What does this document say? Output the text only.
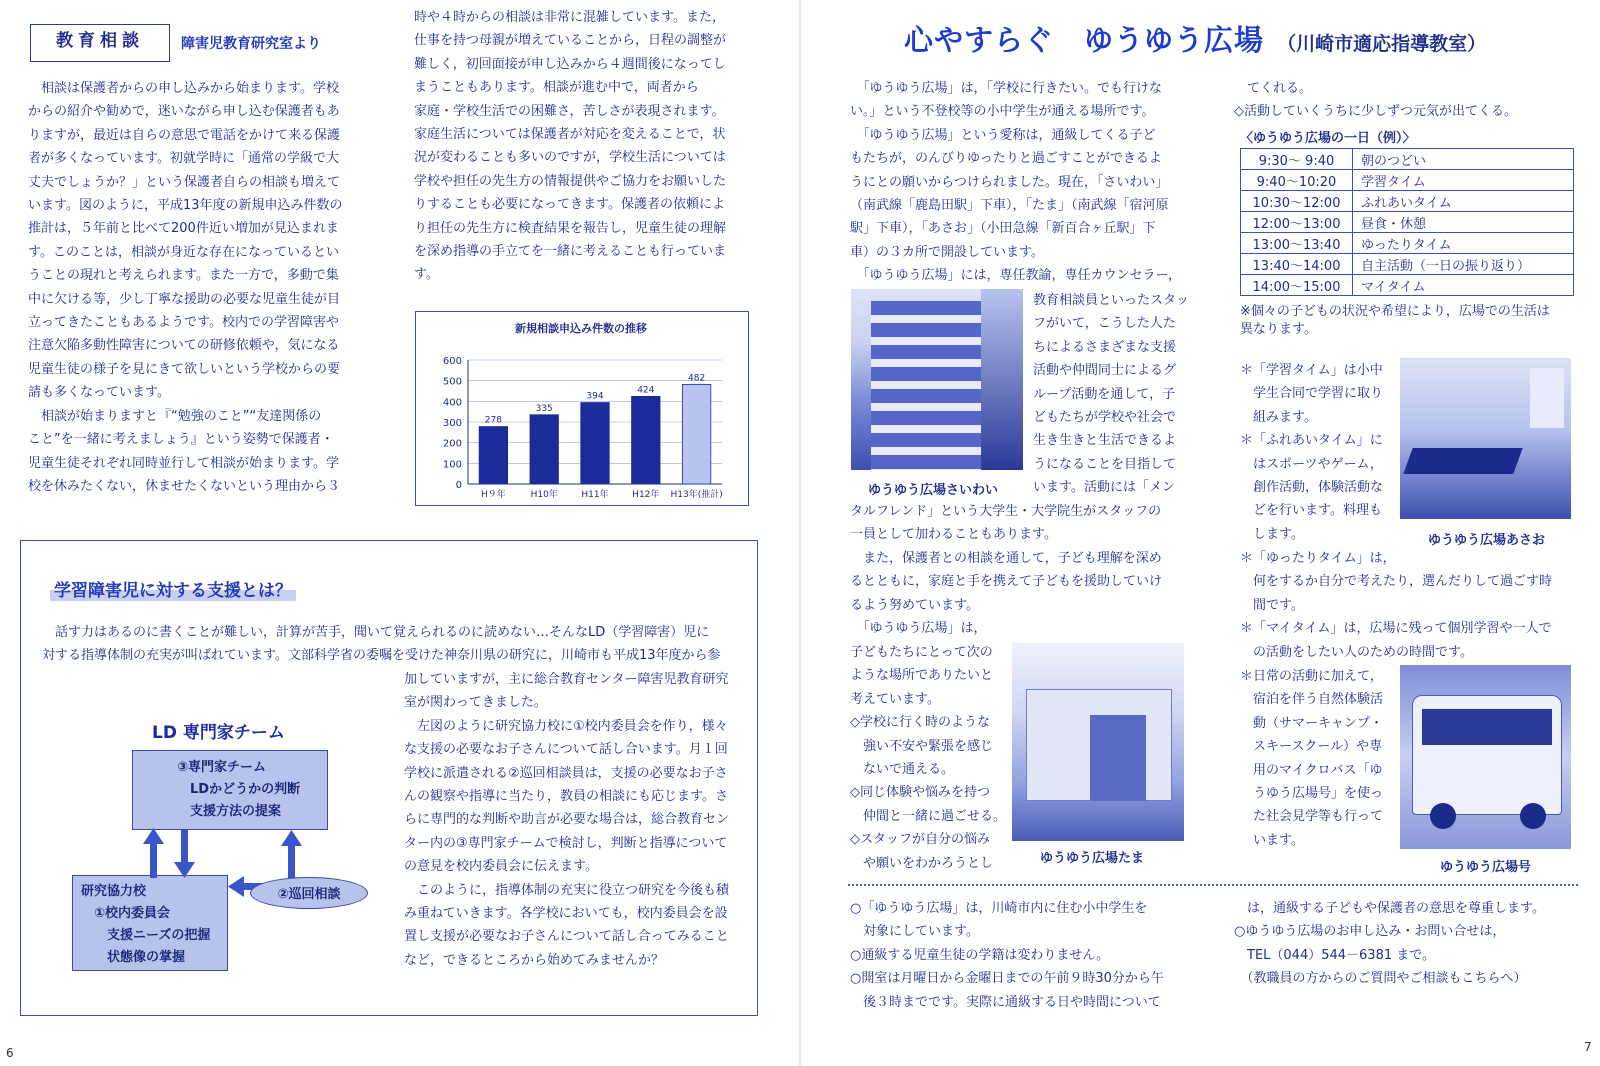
教育相談	障害児教育研究室より
　相談は保護者からの申し込みから始まります。学校
からの紹介や勧めで，迷いながら申し込む保護者もあ
りますが，最近は自らの意思で電話をかけて来る保護
者が多くなっています。初就学時に「通常の学級で大
丈夫でしょうか？」という保護者自らの相談も増えて
います。図のように，平成13年度の新規申込み件数の
推計は，５年前と比べて200件近い増加が見込まれま
す。このことは，相談が身近な存在になっているとい
うことの現れと考えられます。また一方で，多動で集
中に欠ける等，少し丁寧な援助の必要な児童生徒が目
立ってきたこともあるようです。校内での学習障害や
注意欠陥多動性障害についての研修依頼や，気になる
児童生徒の様子を見にきて欲しいという学校からの要
請も多くなっています。
　相談が始まりますと『“勉強のこと”“友達関係の
こと”を一緒に考えましょう』という姿勢で保護者・
児童生徒それぞれ同時並行して相談が始まります。学
校を休みたくない，休ませたくないという理由から３
時や４時からの相談は非常に混雑しています。また，
仕事を持つ母親が増えていることから，日程の調整が
難しく，初回面接が申し込みから４週間後になってし
まうこともあります。相談が進む中で，両者から
家庭・学校生活での困難さ，苦しさが表現されます。
家庭生活については保護者が対応を変えることで，状
況が変わることも多いのですが，学校生活については
学校や担任の先生方の情報提供やご協力をお願いした
りすることも必要になってきます。保護者の依頼によ
り担任の先生方に検査結果を報告し，児童生徒の理解
を深め指導の手立てを一緒に考えることも行っていま
す。
新規相談申込み件数の推移
0
100
200
300
400
500
600
278
H９年
335
H10年
394
H11年
424
H12年
482
H13年(推計)
学習障害児に対する支援とは？
　話す力はあるのに書くことが難しい，計算が苦手，聞いて覚えられるのに読めない…そんなLD（学習障害）児に
対する指導体制の充実が叫ばれています。文部科学省の委嘱を受けた神奈川県の研究に，川崎市も平成13年度から参
加していますが，主に総合教育センター障害児教育研究
室が関わってきました。
　左図のように研究協力校に①校内委員会を作り，様々
な支援の必要なお子さんについて話し合います。月１回
学校に派遣される②巡回相談員は，支援の必要なお子さ
んの観察や指導に当たり，教員の相談にも応じます。さ
らに専門的な判断や助言が必要な場合は，総合教育セン
ター内の③専門家チームで検討し，判断と指導について
の意見を校内委員会に伝えます。
　このように，指導体制の充実に役立つ研究を今後も積
み重ねていきます。各学校においても，校内委員会を設
置し支援が必要なお子さんについて話し合ってみること
など，できるところから始めてみませんか？
LD 専門家チーム
③専門家チーム
　LDかどうかの判断
　支援方法の提案
研究協力校
　①校内委員会
　　支援ニーズの把握
　　状態像の掌握
②巡回相談
6
心やすらぐ　ゆうゆう広場 （川崎市適応指導教室）
　「ゆうゆう広場」は，「学校に行きたい。でも行けな
い。」という不登校等の小中学生が通える場所です。
　「ゆうゆう広場」という愛称は，通級してくる子ど
もたちが，のんびりゆったりと過ごすことができるよ
うにとの願いからつけられました。現在，「さいわい」
（南武線「鹿島田駅」下車），「たま」（南武線「宿河原
駅」下車），「あさお」（小田急線「新百合ヶ丘駅」下
車）の３カ所で開設しています。
　「ゆうゆう広場」には，専任教諭，専任カウンセラー，
ゆうゆう広場さいわい
教育相談員といったスタッ
フがいて，こうした人た
ちによるさまざまな支援
活動や仲間同士によるグ
ループ活動を通して，子
どもたちが学校や社会で
生き生きと生活できるよ
うになることを目指して
います。活動には「メン
タルフレンド」という大学生・大学院生がスタッフの
一員として加わることもあります。
　また，保護者との相談を通して，子ども理解を深め
るとともに，家庭と手を携えて子どもを援助していけ
るよう努めています。
　「ゆうゆう広場」は，
ゆうゆう広場たま
子どもたちにとって次の
ような場所でありたいと
考えています。
◇学校に行く時のような
　強い不安や緊張を感じ
　ないで通える。
◇同じ体験や悩みを持つ
　仲間と一緒に過ごせる。
◇スタッフが自分の悩み
　や願いをわかろうとし
　てくれる。
◇活動していくうちに少しずつ元気が出てくる。
〈ゆうゆう広場の一日（例）〉
9:30～ 9:40	朝のつどい
9:40～10:20	学習タイム
10:30～12:00	ふれあいタイム
12:00～13:00	昼食・休憩
13:00～13:40	ゆったりタイム
13:40～14:00	自主活動（一日の振り返り）
14:00～15:00	マイタイム
※個々の子どもの状況や希望により，広場での生活は
異なります。
＊「学習タイム」は小中
　学生合同で学習に取り
　組みます。
＊「ふれあいタイム」に
　はスポーツやゲーム，
　創作活動，体験活動な
　どを行います。料理も
　します。	ゆうゆう広場あさお
＊「ゆったりタイム」は，
　何をするか自分で考えたり，選んだりして過ごす時
　間です。
＊「マイタイム」は，広場に残って個別学習や一人で
　の活動をしたい人のための時間です。
＊日常の活動に加えて，
　宿泊を伴う自然体験活
　動（サマーキャンプ・
　スキースクール）や専
　用のマイクロバス「ゆ
　うゆう広場号」を使っ
　た社会見学等も行って
　います。
ゆうゆう広場号
○「ゆうゆう広場」は，川崎市内に住む小中学生を
　対象にしています。
○通級する児童生徒の学籍は変わりません。
○開室は月曜日から金曜日までの午前９時30分から午
　後３時までです。実際に通級する日や時間について
　は，通級する子どもや保護者の意思を尊重します。
○ゆうゆう広場のお申し込み・お問い合せは，
　TEL（044）544－6381 まで。
　（教職員の方からのご質問やご相談もこちらへ）
7
